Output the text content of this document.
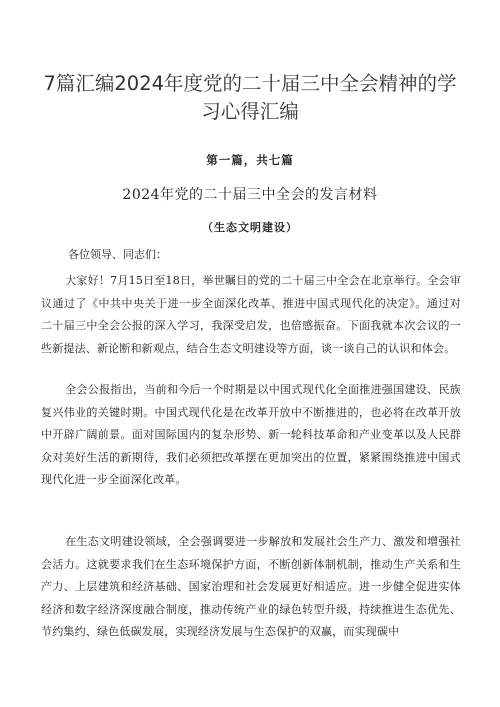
7篇汇编2024年度党的二十届三中全会精神的学习心得汇编
第一篇，共七篇
2024年党的二十届三中全会的发言材料
（生态文明建设）
各位领导、同志们：

大家好！7月15日至18日，举世瞩目的党的二十届三中全会在北京举行。全会审议通过了《中共中央关于进一步全面深化改革、推进中国式现代化的决定》。通过对二十届三中全会公报的深入学习，我深受启发，也倍感振奋。下面我就本次会议的一些新提法、新论断和新观点，结合生态文明建设等方面，谈一谈自己的认识和体会。

全会公报指出，当前和今后一个时期是以中国式现代化全面推进强国建设、民族复兴伟业的关键时期。中国式现代化是在改革开放中不断推进的，也必将在改革开放中开辟广阔前景。面对国际国内的复杂形势、新一轮科技革命和产业变革以及人民群众对美好生活的新期待，我们必须把改革摆在更加突出的位置，紧紧围绕推进中国式现代化进一步全面深化改革。

在生态文明建设领域，全会强调要进一步解放和发展社会生产力、激发和增强社会活力。这就要求我们在生态环境保护方面，不断创新体制机制，推动生产关系和生产力、上层建筑和经济基础、国家治理和社会发展更好相适应。进一步健全促进实体经济和数字经济深度融合制度，推动传统产业的绿色转型升级，持续推进生态优先、节约集约、绿色低碳发展，实现经济发展与生态保护的双赢，而实现碳中
